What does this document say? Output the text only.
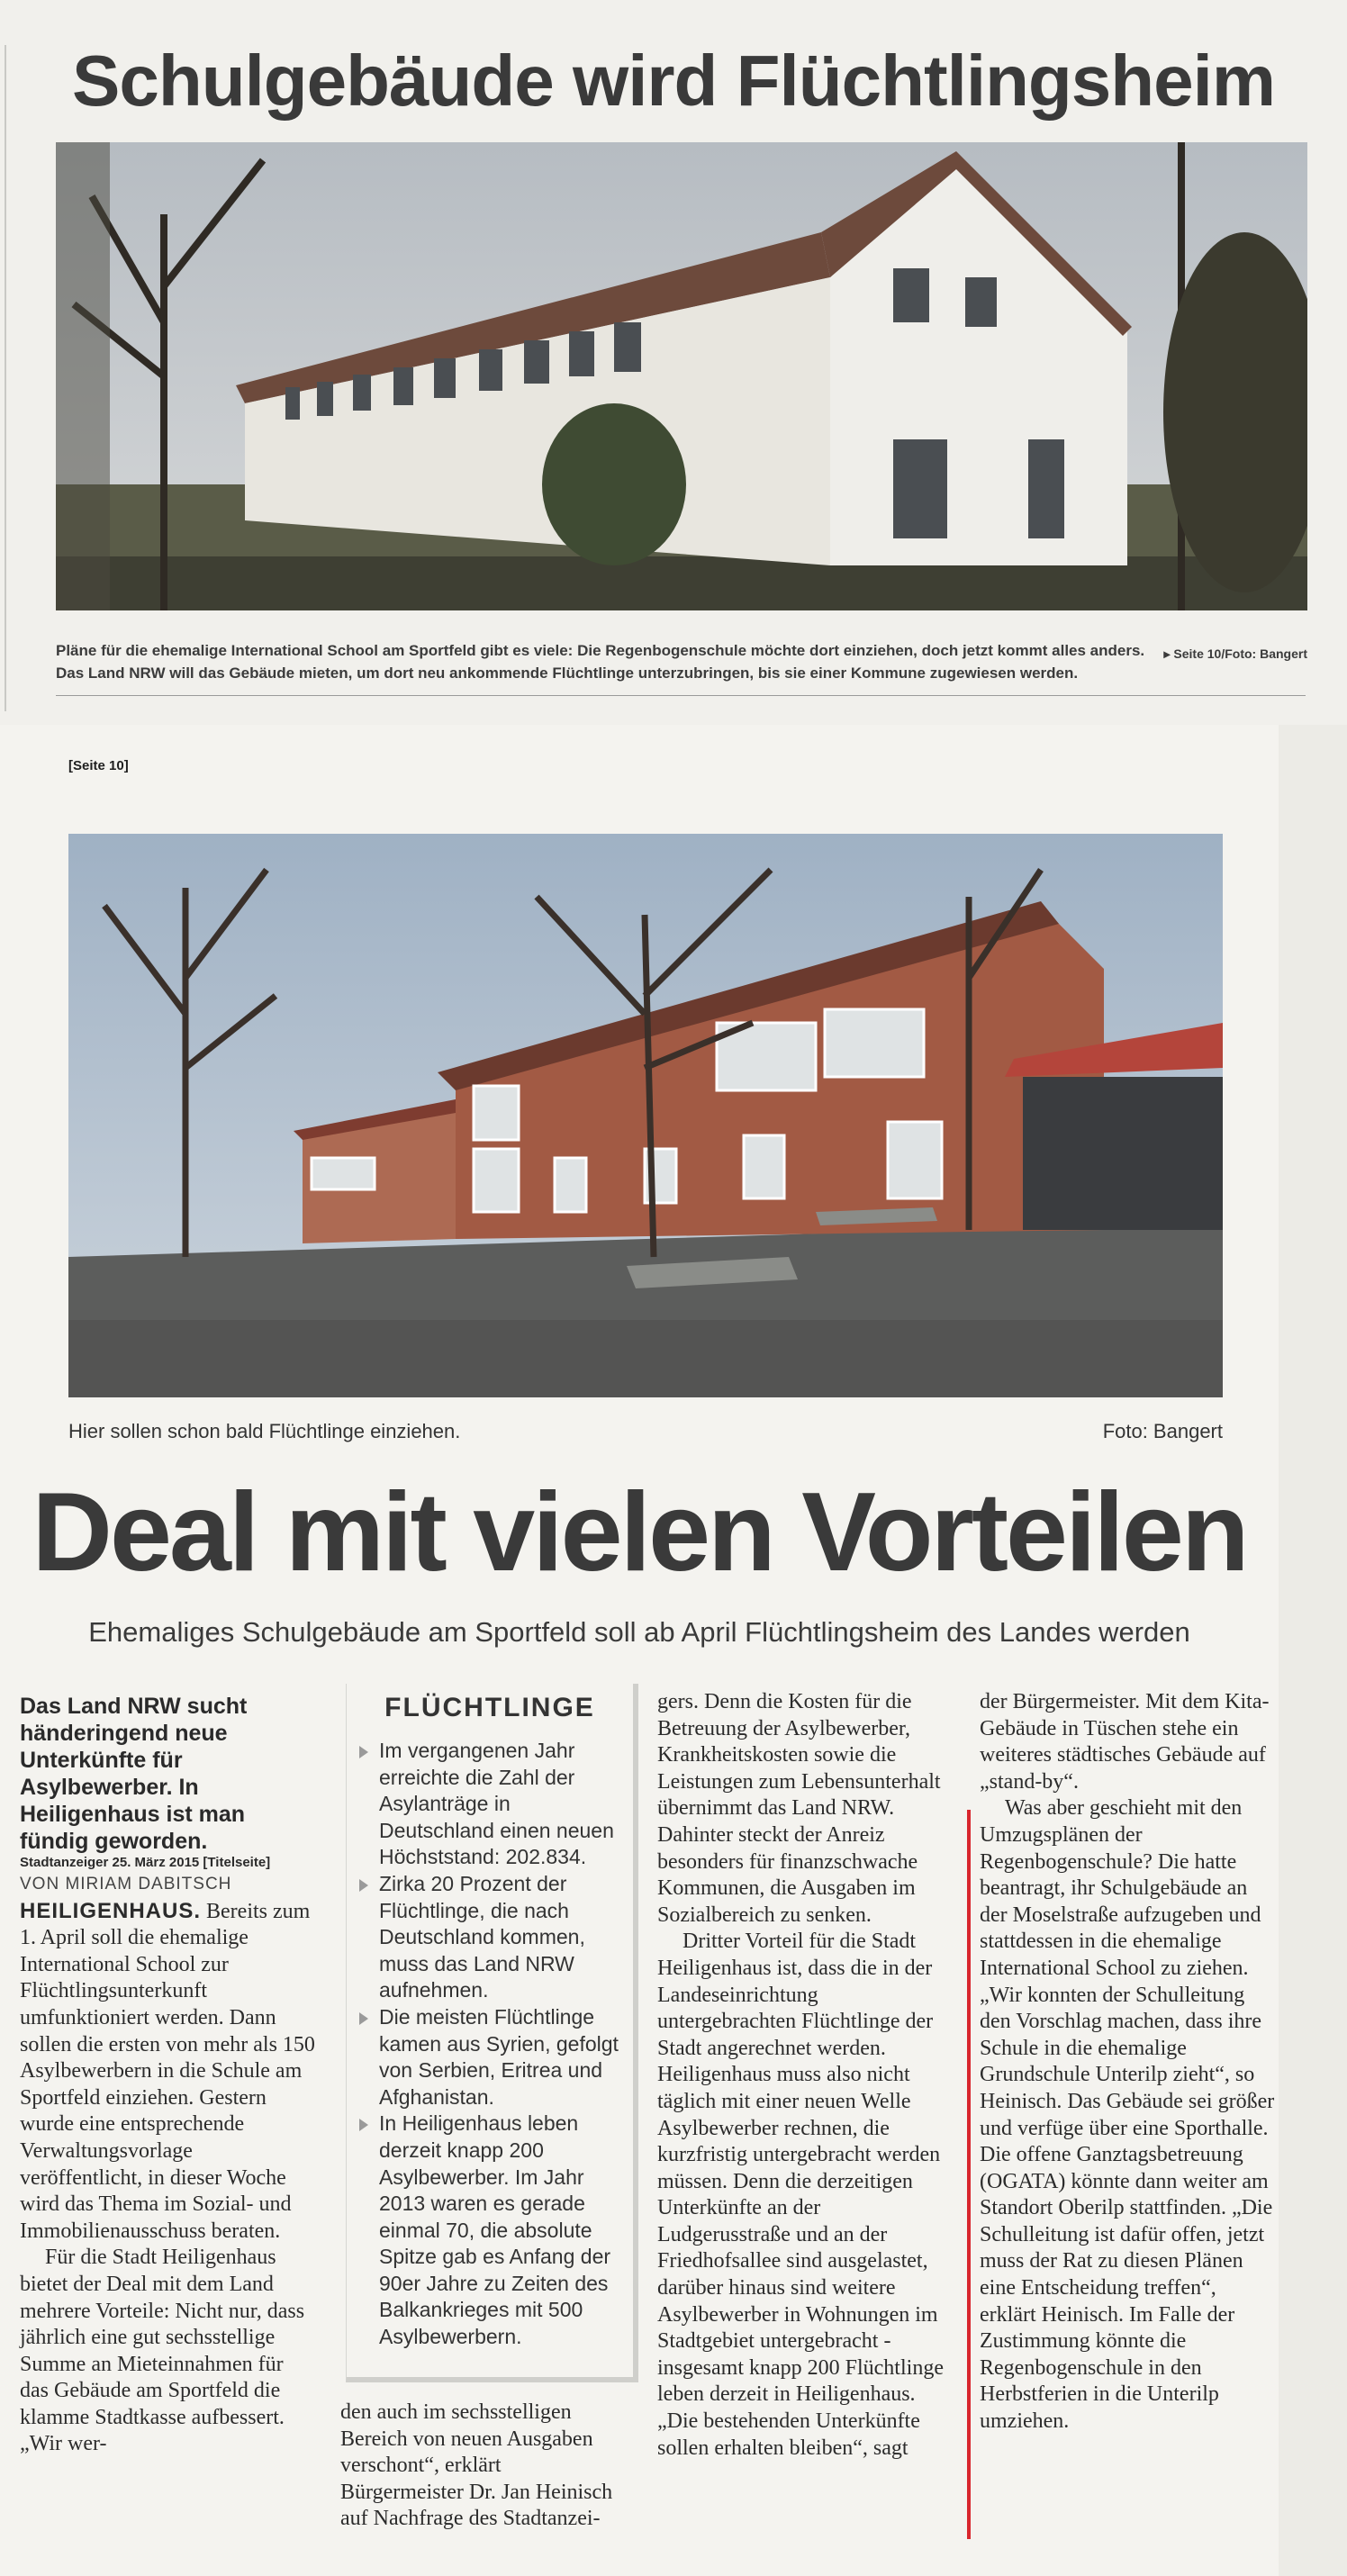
Schulgebäude wird Flüchtlingsheim
▸ Seite 10/Foto: Bangert
Pläne für die ehemalige International School am Sportfeld gibt es viele: Die Regenbogenschule möchte dort einziehen, doch jetzt kommt alles anders. Das Land NRW will das Gebäude mieten, um dort neu ankommende Flüchtlinge unterzubringen, bis sie einer Kommune zugewiesen werden.
[Seite 10]
Foto: Bangert
Hier sollen schon bald Flüchtlinge einziehen.
Deal mit vielen Vorteilen
Ehemaliges Schulgebäude am Sportfeld soll ab April Flüchtlingsheim des Landes werden

Das Land NRW sucht händeringend neue Unterkünfte für Asylbewerber. In Heiligenhaus ist man fündig geworden.

Stadtanzeiger 25. März 2015 [Titelseite]

VON MIRIAM DABITSCH

HEILIGENHAUS. Bereits zum 1. April soll die ehemalige International School zur Flüchtlingsunterkunft umfunktioniert werden. Dann sollen die ersten von mehr als 150 Asylbewerbern in die Schule am Sportfeld einziehen. Gestern wurde eine entsprechende Verwaltungsvorlage veröffentlicht, in dieser Woche wird das Thema im Sozial- und Immobilienausschuss beraten.

Für die Stadt Heiligenhaus bietet der Deal mit dem Land mehrere Vorteile: Nicht nur, dass jährlich eine gut sechsstellige Summe an Mieteinnahmen für das Gebäude am Sportfeld die klamme Stadtkasse aufbessert. „Wir wer-

FLÜCHTLINGE
Im vergangenen Jahr erreichte die Zahl der Asylanträge in Deutschland einen neuen Höchststand: 202.834.
Zirka 20 Prozent der Flüchtlinge, die nach Deutschland kommen, muss das Land NRW aufnehmen.
Die meisten Flüchtlinge kamen aus Syrien, gefolgt von Serbien, Eritrea und Afghanistan.
In Heiligenhaus leben derzeit knapp 200 Asylbewerber. Im Jahr 2013 waren es gerade einmal 70, die absolute Spitze gab es Anfang der 90er Jahre zu Zeiten des Balkankrieges mit 500 Asylbewerbern.

den auch im sechsstelligen Bereich von neuen Ausgaben verschont“, erklärt Bürgermeister Dr. Jan Heinisch auf Nachfrage des Stadtanzei-

gers. Denn die Kosten für die Betreuung der Asylbewerber, Krankheitskosten sowie die Leistungen zum Lebensunterhalt übernimmt das Land NRW. Dahinter steckt der Anreiz besonders für finanzschwache Kommunen, die Ausgaben im Sozialbereich zu senken.

Dritter Vorteil für die Stadt Heiligenhaus ist, dass die in der Landeseinrichtung untergebrachten Flüchtlinge der Stadt angerechnet werden. Heiligenhaus muss also nicht täglich mit einer neuen Welle Asylbewerber rechnen, die kurzfristig untergebracht werden müssen. Denn die derzeitigen Unterkünfte an der Ludgerusstraße und an der Friedhofsallee sind ausgelastet, darüber hinaus sind weitere Asylbewerber in Wohnungen im Stadtgebiet untergebracht - insgesamt knapp 200 Flüchtlinge leben derzeit in Heiligenhaus. „Die bestehenden Unterkünfte sollen erhalten bleiben“, sagt

der Bürgermeister. Mit dem Kita-Gebäude in Tüschen stehe ein weiteres städtisches Gebäude auf „stand-by“.

Was aber geschieht mit den Umzugsplänen der Regenbogenschule? Die hatte beantragt, ihr Schulgebäude an der Moselstraße aufzugeben und stattdessen in die ehemalige International School zu ziehen. „Wir konnten der Schulleitung den Vorschlag machen, dass ihre Schule in die ehemalige Grundschule Unterilp zieht“, so Heinisch. Das Gebäude sei größer und verfüge über eine Sporthalle. Die offene Ganztagsbetreuung (OGATA) könnte dann weiter am Standort Oberilp stattfinden. „Die Schulleitung ist dafür offen, jetzt muss der Rat zu diesen Plänen eine Entscheidung treffen“, erklärt Heinisch. Im Falle der Zustimmung könnte die Regenbogenschule in den Herbstferien in die Unterilp umziehen.
